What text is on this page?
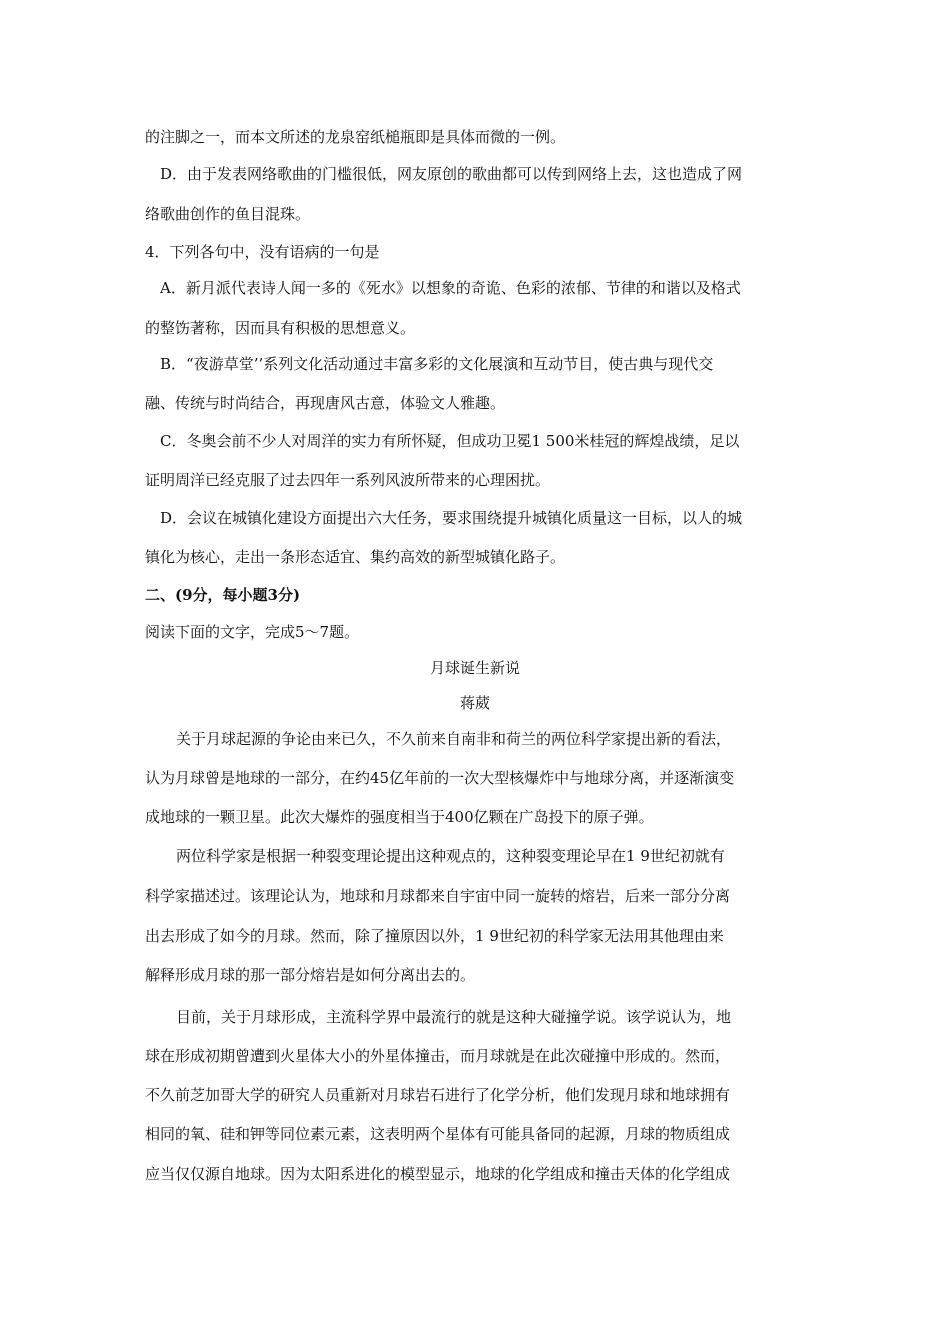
的注脚之一，而本文所述的龙泉窑纸槌瓶即是具体而微的一例。
D．由于发表网络歌曲的门槛很低，网友原创的歌曲都可以传到网络上去，这也造成了网
络歌曲创作的鱼目混珠。
4．下列各句中，没有语病的一句是
A．新月派代表诗人闻一多的《死水》以想象的奇诡、色彩的浓郁、节律的和谐以及格式
的整饬著称，因而具有积极的思想意义。
B．“夜游草堂’’系列文化活动通过丰富多彩的文化展演和互动节目，使古典与现代交
融、传统与时尚结合，再现唐风古意，体验文人雅趣。
C．冬奥会前不少人对周洋的实力有所怀疑，但成功卫冕1 500米桂冠的辉煌战绩，足以
证明周洋已经克服了过去四年一系列风波所带来的心理困扰。
D．会议在城镇化建设方面提出六大任务，要求围绕提升城镇化质量这一目标，以人的城
镇化为核心，走出一条形态适宜、集约高效的新型城镇化路子。
二、(9分，每小题3分)
阅读下面的文字，完成5～7题。
月球诞生新说
蒋葳
关于月球起源的争论由来已久，不久前来自南非和荷兰的两位科学家提出新的看法，
认为月球曾是地球的一部分，在约45亿年前的一次大型核爆炸中与地球分离，并逐渐演变
成地球的一颗卫星。此次大爆炸的强度相当于400亿颗在广岛投下的原子弹。
两位科学家是根据一种裂变理论提出这种观点的，这种裂变理论早在1 9世纪初就有
科学家描述过。该理论认为，地球和月球都来自宇宙中同一旋转的熔岩，后来一部分分离
出去形成了如今的月球。然而，除了撞原因以外，1 9世纪初的科学家无法用其他理由来
解释形成月球的那一部分熔岩是如何分离出去的。
目前，关于月球形成，主流科学界中最流行的就是这种大碰撞学说。该学说认为，地
球在形成初期曾遭到火星体大小的外星体撞击，而月球就是在此次碰撞中形成的。然而，
不久前芝加哥大学的研究人员重新对月球岩石进行了化学分析，他们发现月球和地球拥有
相同的氧、硅和钾等同位素元素，这表明两个星体有可能具备同的起源，月球的物质组成
应当仅仅源自地球。因为太阳系进化的模型显示，地球的化学组成和撞击天体的化学组成
